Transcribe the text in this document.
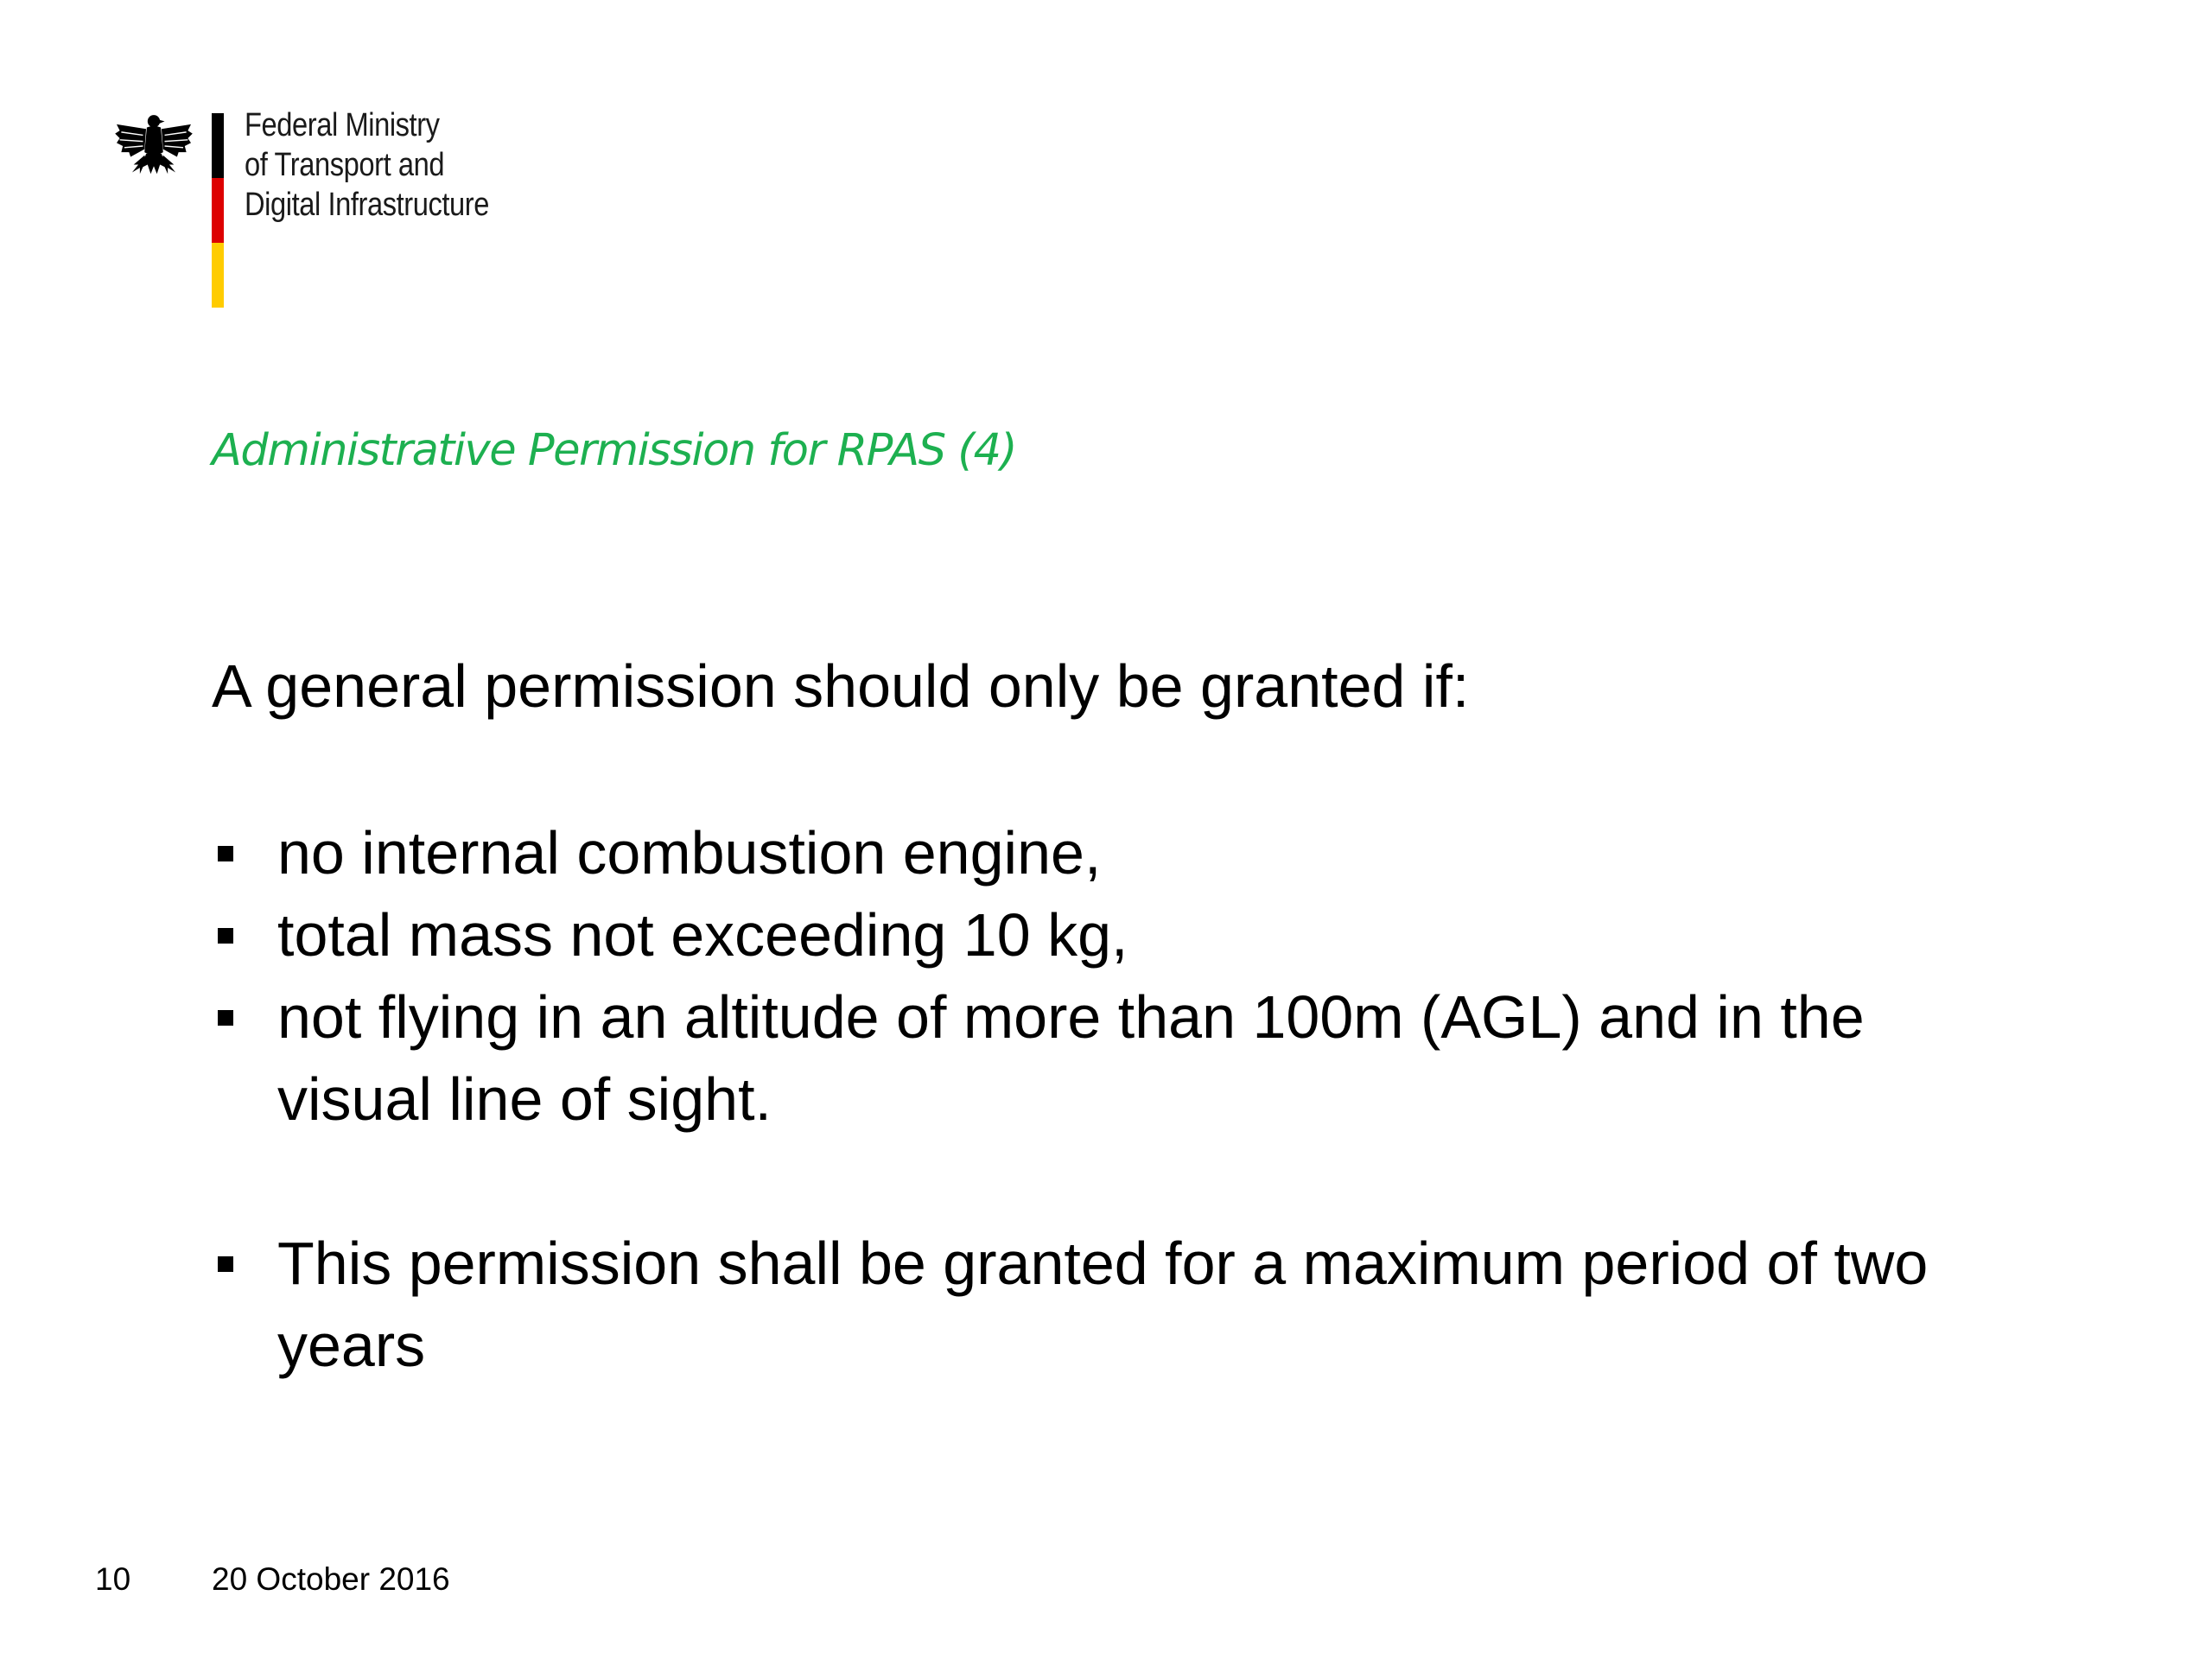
Federal Ministry
of Transport and
Digital Infrastructure
Administrative Permission for RPAS (4)
A general permission should only be granted if:
no internal combustion engine,
total mass not exceeding 10 kg,
not flying in an altitude of more than 100m (AGL) and in the visual line of sight.
This permission shall be granted for a maximum period of two years
10	20 October 2016
